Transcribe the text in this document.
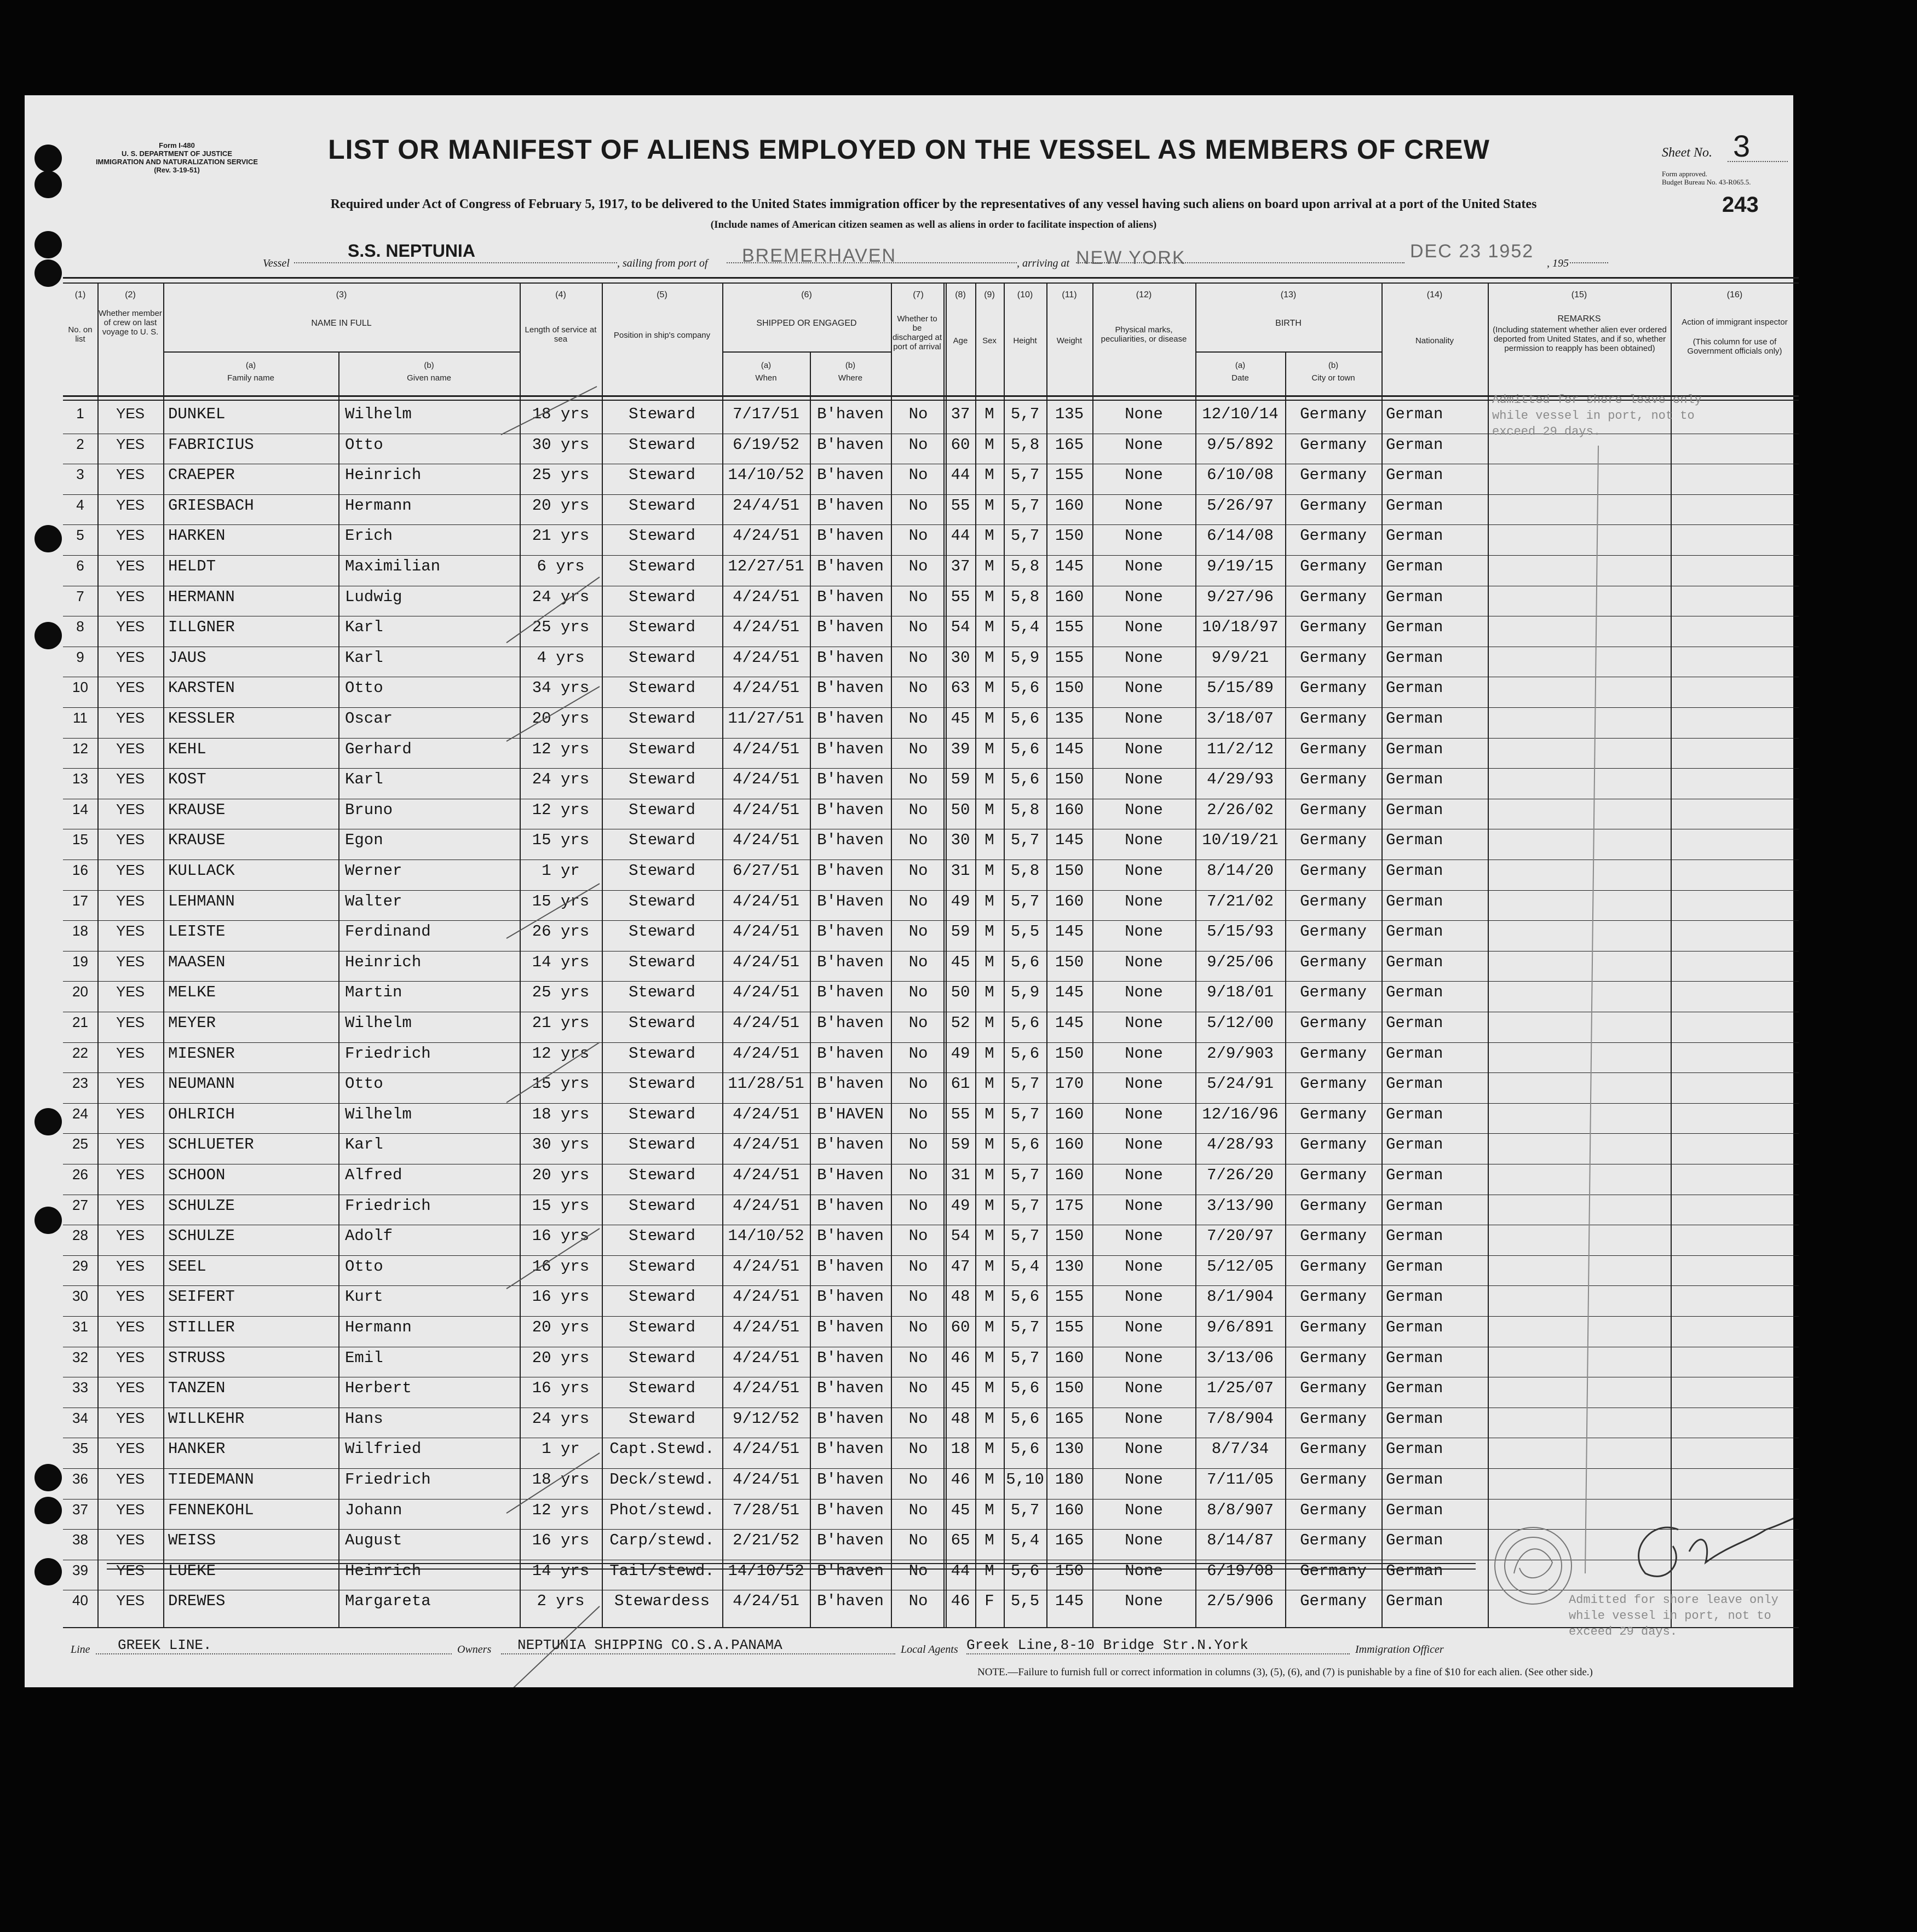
Form I-480
U. S. DEPARTMENT OF JUSTICE
IMMIGRATION AND NATURALIZATION SERVICE
(Rev. 3-19-51)
LIST OR MANIFEST OF ALIENS EMPLOYED ON THE VESSEL AS MEMBERS OF CREW	Sheet No. 3
Form approved.
Budget Bureau No. 43-R065.5.
243
Required under Act of Congress of February 5, 1917, to be delivered to the United States immigration officer by the representatives of any vessel having such aliens on board upon arrival at a port of the United States
(Include names of American citizen seamen as well as aliens in order to facilitate inspection of aliens)
Vessel
S.S. NEPTUNIA
, sailing from port of BREMERHAVEN	, arriving at NEW YORK	DEC 23 1952
, 195
(1)	(2)	(3)	(4)	(5)	(6)	(7)	(8)	(9)	(10)	(11)	(12)	(13)	(14)	(15)	(16)
No. on list
Whether member of crew on last voyage to U. S.
NAME IN FULL
(a)
Family name
(b)
Given name
Length of service at sea	Position in ship's company
SHIPPED OR ENGAGED
(a)
When
(b)
Where
Whether to be discharged at port of arrival
Age	Sex	Height	Weight
Physical marks, peculiarities, or disease
BIRTH
(a)
Date
(b)
City or town
Nationality
REMARKS
(Including statement whether alien ever ordered deported from United States, and if so, whether permission to reapply has been obtained)
Action of immigrant inspector
(This column for use of Government officials only)
1	YES	DUNKEL	Wilhelm	18 yrs	Steward	7/17/51	B'haven	No	37 M	5,7 135	None	12/10/14	Germany	German
2	YES	FABRICIUS	Otto	30 yrs	Steward	6/19/52	B'haven	No	60 M	5,8 165	None	9/5/892	Germany	German
3	YES	CRAEPER	Heinrich	25 yrs	Steward	14/10/52 B'haven	No	44 M	5,7 155	None	6/10/08	Germany	German
4	YES	GRIESBACH	Hermann	20 yrs	Steward	24/4/51	B'haven	No	55 M	5,7 160	None	5/26/97	Germany	German
5	YES	HARKEN	Erich	21 yrs	Steward	4/24/51	B'haven	No	44 M	5,7 150	None	6/14/08	Germany	German
6	YES	HELDT	Maximilian	6 yrs	Steward	12/27/51 B'haven	No	37 M	5,8 145	None	9/19/15	Germany	German
7	YES	HERMANN	Ludwig	24 yrs	Steward	4/24/51	B'haven	No	55 M	5,8 160	None	9/27/96	Germany	German
8	YES	ILLGNER	Karl	25 yrs	Steward	4/24/51	B'haven	No	54 M	5,4 155	None	10/18/97	Germany	German
9	YES	JAUS	Karl	4 yrs	Steward	4/24/51	B'haven	No	30 M	5,9 155	None	9/9/21	Germany	German
10	YES	KARSTEN	Otto	34 yrs	Steward	4/24/51	B'haven	No	63 M	5,6 150	None	5/15/89	Germany	German
11	YES	KESSLER	Oscar	20 yrs	Steward	11/27/51 B'haven	No	45 M	5,6 135	None	3/18/07	Germany	German
12	YES	KEHL	Gerhard	12 yrs	Steward	4/24/51	B'haven	No	39 M	5,6 145	None	11/2/12	Germany	German
13	YES	KOST	Karl	24 yrs	Steward	4/24/51	B'haven	No	59 M	5,6 150	None	4/29/93	Germany	German
14	YES	KRAUSE	Bruno	12 yrs	Steward	4/24/51	B'haven	No	50 M	5,8 160	None	2/26/02	Germany	German
15	YES	KRAUSE	Egon	15 yrs	Steward	4/24/51	B'haven	No	30 M	5,7 145	None	10/19/21	Germany	German
16	YES	KULLACK	Werner	1 yr	Steward	6/27/51	B'haven	No	31 M	5,8 150	None	8/14/20	Germany	German
17	YES	LEHMANN	Walter	15 yrs	Steward	4/24/51	B'Haven	No	49 M	5,7 160	None	7/21/02	Germany	German
18	YES	LEISTE	Ferdinand	26 yrs	Steward	4/24/51	B'haven	No	59 M	5,5 145	None	5/15/93	Germany	German
19	YES	MAASEN	Heinrich	14 yrs	Steward	4/24/51	B'haven	No	45 M	5,6 150	None	9/25/06	Germany	German
20	YES	MELKE	Martin	25 yrs	Steward	4/24/51	B'haven	No	50 M	5,9 145	None	9/18/01	Germany	German
21	YES	MEYER	Wilhelm	21 yrs	Steward	4/24/51	B'haven	No	52 M	5,6 145	None	5/12/00	Germany	German
22	YES	MIESNER	Friedrich	12 yrs	Steward	4/24/51	B'haven	No	49 M	5,6 150	None	2/9/903	Germany	German
23	YES	NEUMANN	Otto	15 yrs	Steward	11/28/51 B'haven	No	61 M	5,7 170	None	5/24/91	Germany	German
24	YES	OHLRICH	Wilhelm	18 yrs	Steward	4/24/51	B'HAVEN	No	55 M	5,7 160	None	12/16/96	Germany	German
25	YES	SCHLUETER	Karl	30 yrs	Steward	4/24/51	B'haven	No	59 M	5,6 160	None	4/28/93	Germany	German
26	YES	SCHOON	Alfred	20 yrs	Steward	4/24/51	B'Haven	No	31 M	5,7 160	None	7/26/20	Germany	German
27	YES	SCHULZE	Friedrich	15 yrs	Steward	4/24/51	B'haven	No	49 M	5,7 175	None	3/13/90	Germany	German
28	YES	SCHULZE	Adolf	16 yrs	Steward	14/10/52 B'haven	No	54 M	5,7 150	None	7/20/97	Germany	German
29	YES	SEEL	Otto	16 yrs	Steward	4/24/51	B'haven	No	47 M	5,4 130	None	5/12/05	Germany	German
30	YES	SEIFERT	Kurt	16 yrs	Steward	4/24/51	B'haven	No	48 M	5,6 155	None	8/1/904	Germany	German
31	YES	STILLER	Hermann	20 yrs	Steward	4/24/51	B'haven	No	60 M	5,7 155	None	9/6/891	Germany	German
32	YES	STRUSS	Emil	20 yrs	Steward	4/24/51	B'haven	No	46 M	5,7 160	None	3/13/06	Germany	German
33	YES	TANZEN	Herbert	16 yrs	Steward	4/24/51	B'haven	No	45 M	5,6 150	None	1/25/07	Germany	German
34	YES	WILLKEHR	Hans	24 yrs	Steward	9/12/52	B'haven	No	48 M	5,6 165	None	7/8/904	Germany	German
35	YES	HANKER	Wilfried	1 yr	Capt.Stewd.	4/24/51	B'haven	No	18 M	5,6 130	None	8/7/34	Germany	German
36	YES	TIEDEMANN	Friedrich	18 yrs	Deck/stewd.	4/24/51	B'haven	No	46 M 5,10 180	None	7/11/05	Germany	German
37	YES	FENNEKOHL	Johann	12 yrs	Phot/stewd.	7/28/51	B'haven	No	45 M	5,7 160	None	8/8/907	Germany	German
38	YES	WEISS	August	16 yrs	Carp/stewd.	2/21/52	B'haven	No	65 M	5,4 165	None	8/14/87	Germany	German
39	YES	LUEKE	Heinrich	14 yrs	Tail/stewd. 14/10/52 B'haven	No	44 M	5,6 150	None	6/19/08	Germany	German
40	YES	DREWES	Margareta	2 yrs	Stewardess	4/24/51	B'haven	No	46 F	5,5 145	None	2/5/906	Germany	German
Admitted for shore leave only
while vessel in port, not to
exceed 29 days.
Admitted for shore leave only
while vessel in port, not to
exceed 29 days.
Line GREEK LINE.	Owners NEPTUNIA SHIPPING CO.S.A.PANAMA	Local Agents Greek Line,8-10 Bridge Str.N.York	Immigration Officer
NOTE.—Failure to furnish full or correct information in columns (3), (5), (6), and (7) is punishable by a fine of $10 for each alien. (See other side.)
